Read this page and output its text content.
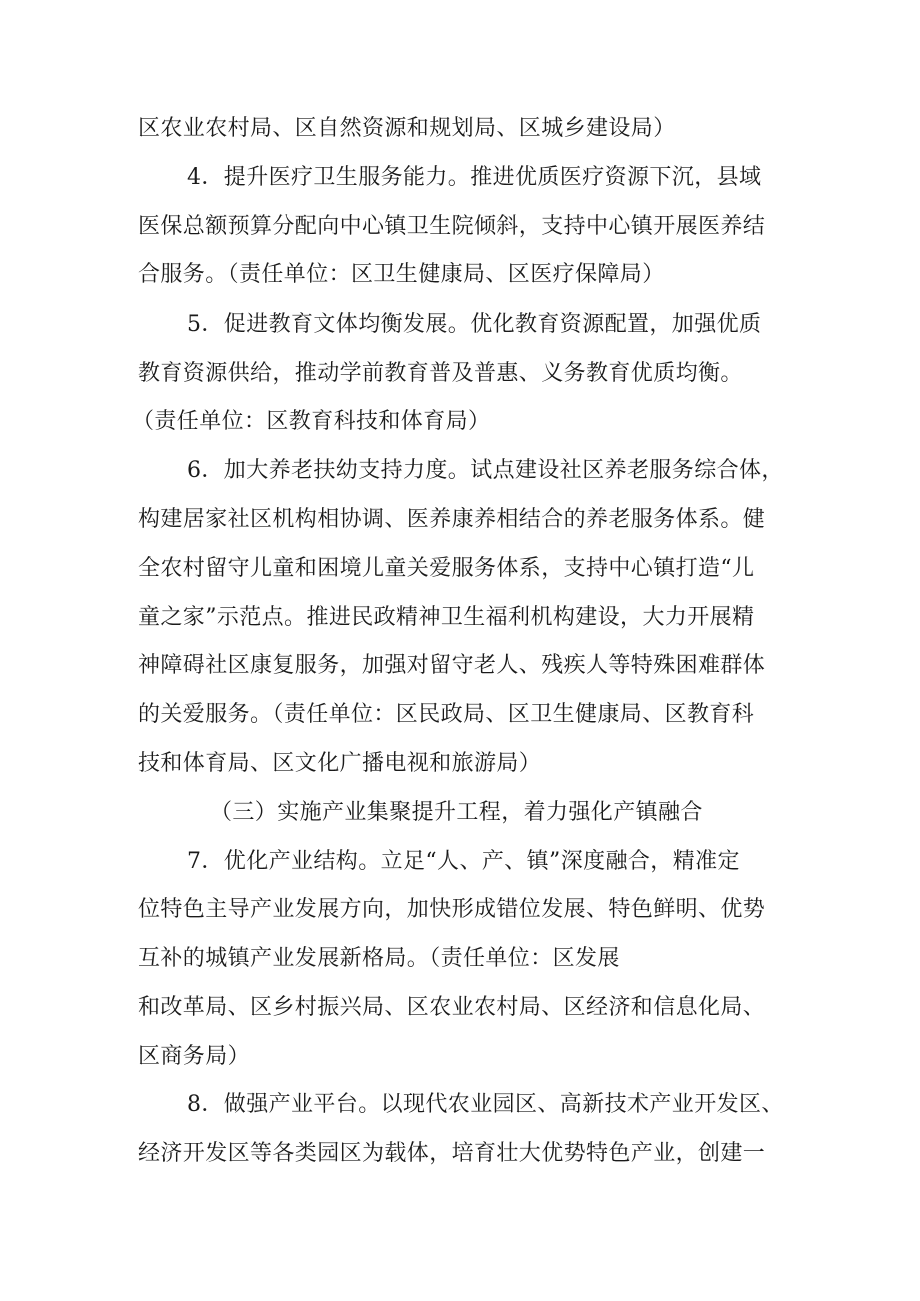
区农业农村局、区自然资源和规划局、区城乡建设局）
4．提升医疗卫生服务能力。推进优质医疗资源下沉，县域
医保总额预算分配向中心镇卫生院倾斜，支持中心镇开展医养结
合服务。（责任单位：区卫生健康局、区医疗保障局）
5．促进教育文体均衡发展。优化教育资源配置，加强优质
教育资源供给，推动学前教育普及普惠、义务教育优质均衡。
（责任单位：区教育科技和体育局）
6．加大养老扶幼支持力度。试点建设社区养老服务综合体，
构建居家社区机构相协调、医养康养相结合的养老服务体系。健
全农村留守儿童和困境儿童关爱服务体系，支持中心镇打造“儿
童之家”示范点。推进民政精神卫生福利机构建设，大力开展精
神障碍社区康复服务，加强对留守老人、残疾人等特殊困难群体
的关爱服务。（责任单位：区民政局、区卫生健康局、区教育科
技和体育局、区文化广播电视和旅游局）
（三）实施产业集聚提升工程，着力强化产镇融合
7．优化产业结构。立足“人、产、镇”深度融合，精准定
位特色主导产业发展方向，加快形成错位发展、特色鲜明、优势
互补的城镇产业发展新格局。（责任单位：区发展
和改革局、区乡村振兴局、区农业农村局、区经济和信息化局、
区商务局）
8．做强产业平台。以现代农业园区、高新技术产业开发区、
经济开发区等各类园区为载体，培育壮大优势特色产业，创建一
